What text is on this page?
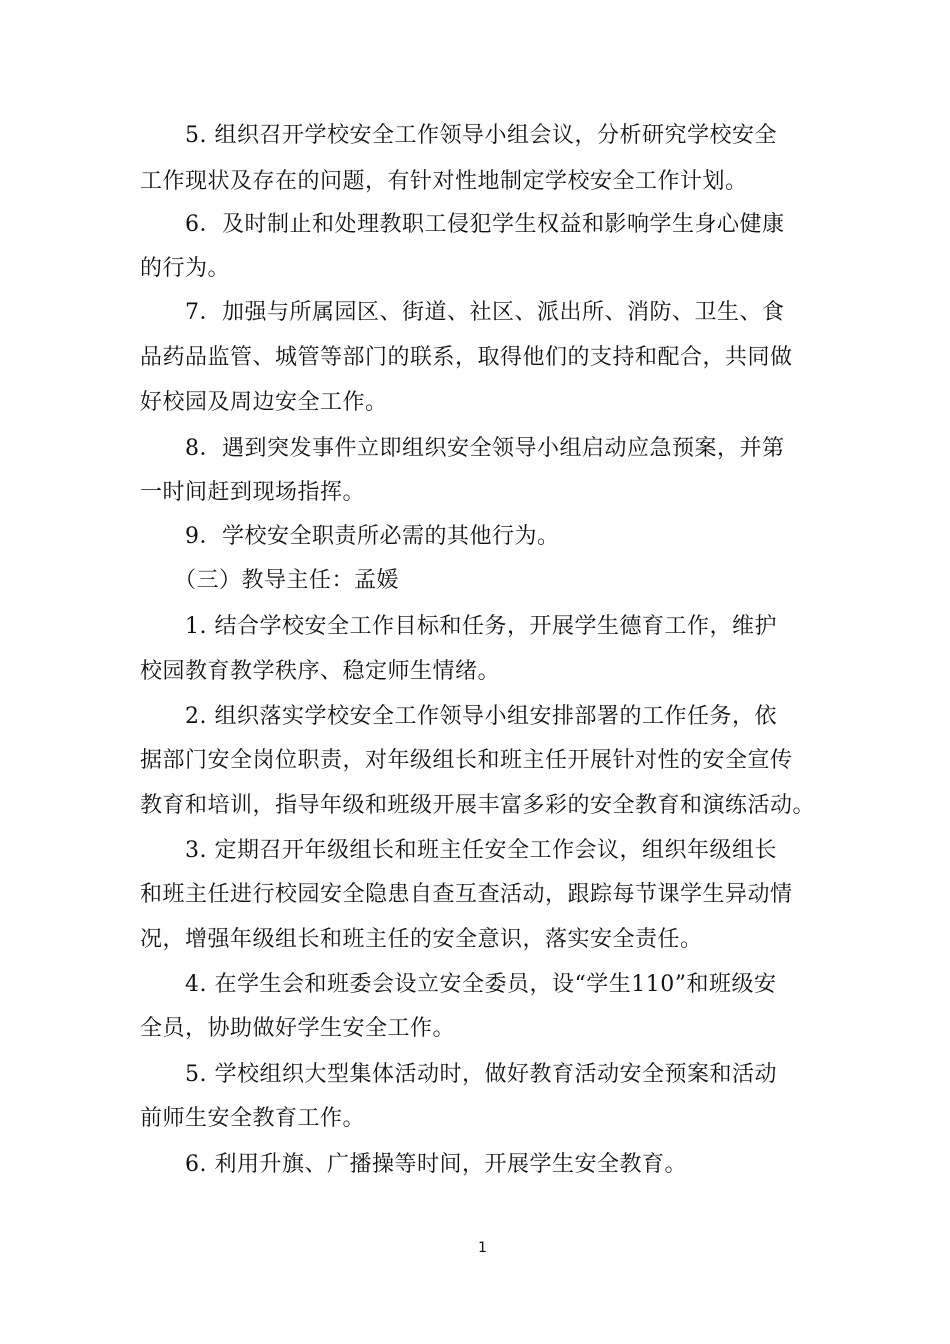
5. 组织召开学校安全工作领导小组会议，分析研究学校安全
工作现状及存在的问题，有针对性地制定学校安全工作计划。
6．及时制止和处理教职工侵犯学生权益和影响学生身心健康
的行为。
7．加强与所属园区、街道、社区、派出所、消防、卫生、食
品药品监管、城管等部门的联系，取得他们的支持和配合，共同做
好校园及周边安全工作。
8．遇到突发事件立即组织安全领导小组启动应急预案，并第
一时间赶到现场指挥。
9．学校安全职责所必需的其他行为。
（三）教导主任：孟媛
1. 结合学校安全工作目标和任务，开展学生德育工作，维护
校园教育教学秩序、稳定师生情绪。
2. 组织落实学校安全工作领导小组安排部署的工作任务，依
据部门安全岗位职责，对年级组长和班主任开展针对性的安全宣传
教育和培训，指导年级和班级开展丰富多彩的安全教育和演练活动。
3. 定期召开年级组长和班主任安全工作会议，组织年级组长
和班主任进行校园安全隐患自查互查活动，跟踪每节课学生异动情
况，增强年级组长和班主任的安全意识，落实安全责任。
4. 在学生会和班委会设立安全委员，设“学生110”和班级安
全员，协助做好学生安全工作。
5. 学校组织大型集体活动时，做好教育活动安全预案和活动
前师生安全教育工作。
6. 利用升旗、广播操等时间，开展学生安全教育。
1
